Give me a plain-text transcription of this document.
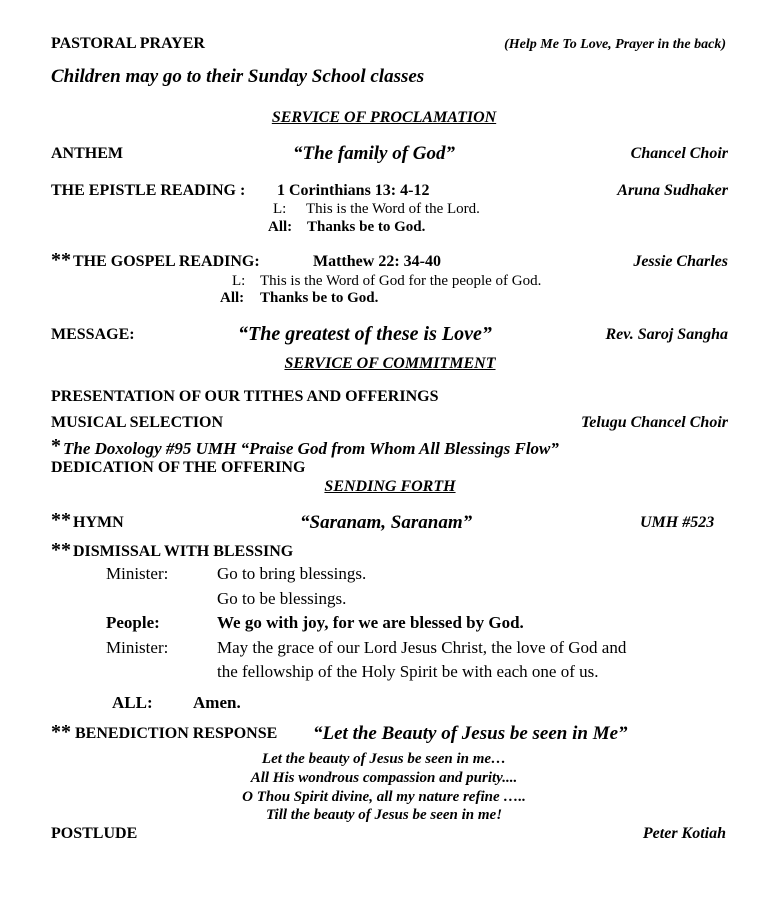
PASTORAL PRAYER	(Help Me To Love, Prayer in the back)
Children may go to their Sunday School classes
SERVICE OF PROCLAMATION
ANTHEM	“The family of God”	Chancel Choir
THE EPISTLE READING : 1 Corinthians 13: 4-12	Aruna Sudhaker
L: This is the Word of the Lord.
All: Thanks be to God.
** THE GOSPEL READING:	Matthew 22: 34-40	Jessie Charles
L: This is the Word of God for the people of God.
All: Thanks be to God.
MESSAGE:	“The greatest of these is Love”	Rev. Saroj Sangha
SERVICE OF COMMITMENT
PRESENTATION OF OUR TITHES AND OFFERINGS
MUSICAL SELECTION	Telugu Chancel Choir
* The Doxology #95 UMH “Praise God from Whom All Blessings Flow”
DEDICATION OF THE OFFERING
SENDING FORTH
** HYMN	“Saranam, Saranam”	UMH #523
** DISMISSAL WITH BLESSING
Minister:	Go to bring blessings.
Go to be blessings.
People:	We go with joy, for we are blessed by God.
Minister:	May the grace of our Lord Jesus Christ, the love of God and
the fellowship of the Holy Spirit be with each one of us.
ALL: Amen.
** BENEDICTION RESPONSE “Let the Beauty of Jesus be seen in Me”
Let the beauty of Jesus be seen in me…
All His wondrous compassion and purity....
O Thou Spirit divine, all my nature refine …..
Till the beauty of Jesus be seen in me!
POSTLUDE	Peter Kotiah
